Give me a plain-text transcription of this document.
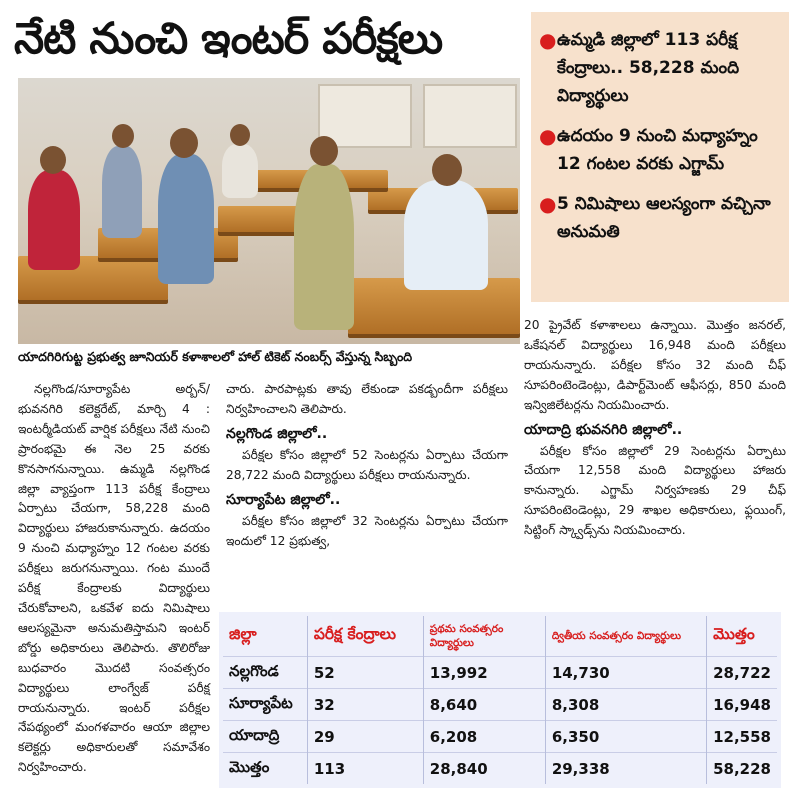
నేటి నుంచి ఇంటర్ పరీక్షలు	● ఉమ్మడి జిల్లాలో 113 పరీక్ష కేంద్రాలు.. 58,228 మంది విద్యార్థులు
● ఉదయం 9 నుంచి మధ్యాహ్నం 12 గంటల వరకు ఎగ్జామ్
● 5 నిమిషాలు ఆలస్యంగా వచ్చినా అనుమతి
యాదగిరిగుట్ట ప్రభుత్వ జూనియర్ కళాశాలలో హాల్ టికెట్ నంబర్స్ వేస్తున్న సిబ్బంది

నల్లగొండ/సూర్యాపేట అర్బన్/భువనగిరి కలెక్టరేట్, మార్చి 4 : ఇంటర్మీడియట్ వార్షిక పరీక్షలు నేటి నుంచి ప్రారంభమై ఈ నెల 25 వరకు కొనసాగనున్నాయి. ఉమ్మడి నల్లగొండ జిల్లా వ్యాప్తంగా 113 పరీక్ష కేంద్రాలు ఏర్పాటు చేయగా, 58,228 మంది విద్యార్థులు హాజరుకానున్నారు. ఉదయం 9 నుంచి మధ్యాహ్నం 12 గంటల వరకు పరీక్షలు జరుగనున్నాయి. గంట ముందే పరీక్ష కేంద్రాలకు విద్యార్థులు చేరుకోవాలని, ఒకవేళ ఐదు నిమిషాలు ఆలస్యమైనా అనుమతిస్తామని ఇంటర్ బోర్డు అధికారులు తెలిపారు. తొలిరోజు బుధవారం మొదటి సంవత్సరం విద్యార్థులు లాంగ్వేజ్ పరీక్ష రాయనున్నారు. ఇంటర్ పరీక్షల నేపథ్యంలో మంగళవారం ఆయా జిల్లాల కలెక్టర్లు అధికారులతో సమావేశం నిర్వహించారు.

చారు. పారపాట్లకు తావు లేకుండా పకడ్బందీగా పరీక్షలు నిర్వహించాలని తెలిపారు.

నల్లగొండ జిల్లాలో..

పరీక్షల కోసం జిల్లాలో 52 సెంటర్లను ఏర్పాటు చేయగా 28,722 మంది విద్యార్థులు పరీక్షలు రాయనున్నారు.

సూర్యాపేట జిల్లాలో..

పరీక్షల కోసం జిల్లాలో 32 సెంటర్లను ఏర్పాటు చేయగా ఇందులో 12 ప్రభుత్వ,

20 ప్రైవేట్ కళాశాలలు ఉన్నాయి. మొత్తం జనరల్, ఒకేషనల్ విద్యార్థులు 16,948 మంది పరీక్షలు రాయనున్నారు. పరీక్షల కోసం 32 మంది చీఫ్ సూపరింటెండెంట్లు, డిపార్ట్‌మెంట్ ఆఫీసర్లు, 850 మంది ఇన్విజిలేటర్లను నియమించారు.

యాదాద్రి భువనగిరి జిల్లాలో..

పరీక్షల కోసం జిల్లాలో 29 సెంటర్లను ఏర్పాటు చేయగా 12,558 మంది విద్యార్థులు హాజరు కానున్నారు. ఎగ్జామ్ నిర్వహణకు 29 చీఫ్ సూపరింటెండెంట్లు, 29 శాఖల అధికారులు, ఫ్లయింగ్, సిట్టింగ్ స్క్వాడ్స్‌ను నియమించారు.

జిల్లా	పరీక్ష కేంద్రాలు	ప్రథమ సంవత్సరం విద్యార్థులు	ద్వితీయ సంవత్సరం విద్యార్థులు	మొత్తం
నల్లగొండ	52	13,992	14,730	28,722
సూర్యాపేట	32	8,640	8,308	16,948
యాదాద్రి	29	6,208	6,350	12,558
మొత్తం	113	28,840	29,338	58,228
